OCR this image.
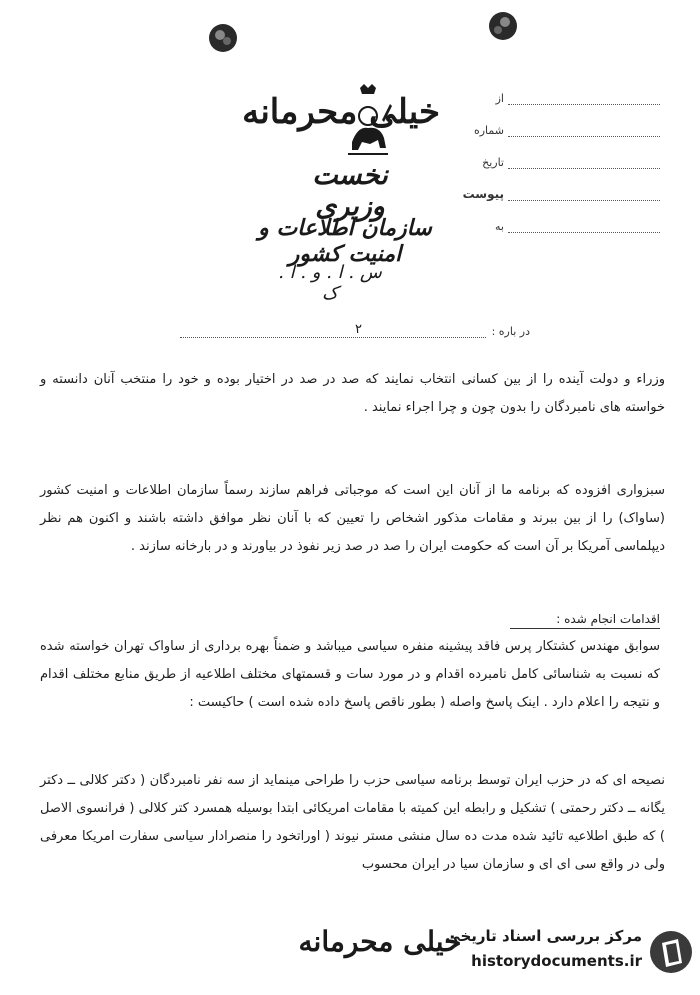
خیلی محرمانه
نخست وزیری
سازمان اطلاعات و امنیت کشور
س . ا . و . ا . ک
از
شماره
تاریخ
پیوست
به
در باره :
۲

وزراء و دولت آینده را از بین کسانی انتخاب نمایند که صد در صد در اختیار بوده و خود را منتخب آنان دانسته و خواسته های نامبردگان را بدون چون و چرا اجراء نمایند .

سبزواری افزوده که برنامه ما از آنان این است که موجباتی فراهم سازند رسماً سازمان اطلاعات و امنیت کشور (ساواک) را از بین ببرند و مقامات مذکور اشخاص را تعیین که با آنان نظر موافق داشته باشند و اکنون هم نظر دیپلماسی آمریکا بر آن است که حکومت ایران را صد در صد زیر نفوذ در بیاورند و در بارخانه سازند .

اقدامات انجام شده :

سوابق مهندس کشتکار پرس فاقد پیشینه منفره سیاسی میباشد و ضمناً بهره برداری از ساواک تهران خواسته شده که نسبت به شناسائی کامل نامبرده اقدام و در مورد سات و قسمتهای مختلف اطلاعیه از طریق منابع مختلف اقدام و نتیجه را اعلام دارد . اینک پاسخ واصله ( بطور ناقص پاسخ داده شده است ) حاکیست :

نصیحه ای که در حزب ایران توسط برنامه سیاسی حزب را طراحی مینماید از سه نفر نامبردگان ( دکتر کلالی ــ دکتر یگانه ــ دکتر رحمتی ) تشکیل و رابطه این کمیته با مقامات امریکائی ابتدا بوسیله همسرد کتر کلالی ( فرانسوی الاصل ) که طبق اطلاعیه تائید شده مدت ده سال منشی مستر نیوند ( اوراتخود را منصرادار سیاسی سفارت امریکا معرفی ولی در واقع سی ای ای و سازمان سیا در ایران محسوب

خیلی محرمانه
مرکز بررسی اسناد تاریخی
historydocuments.ir
